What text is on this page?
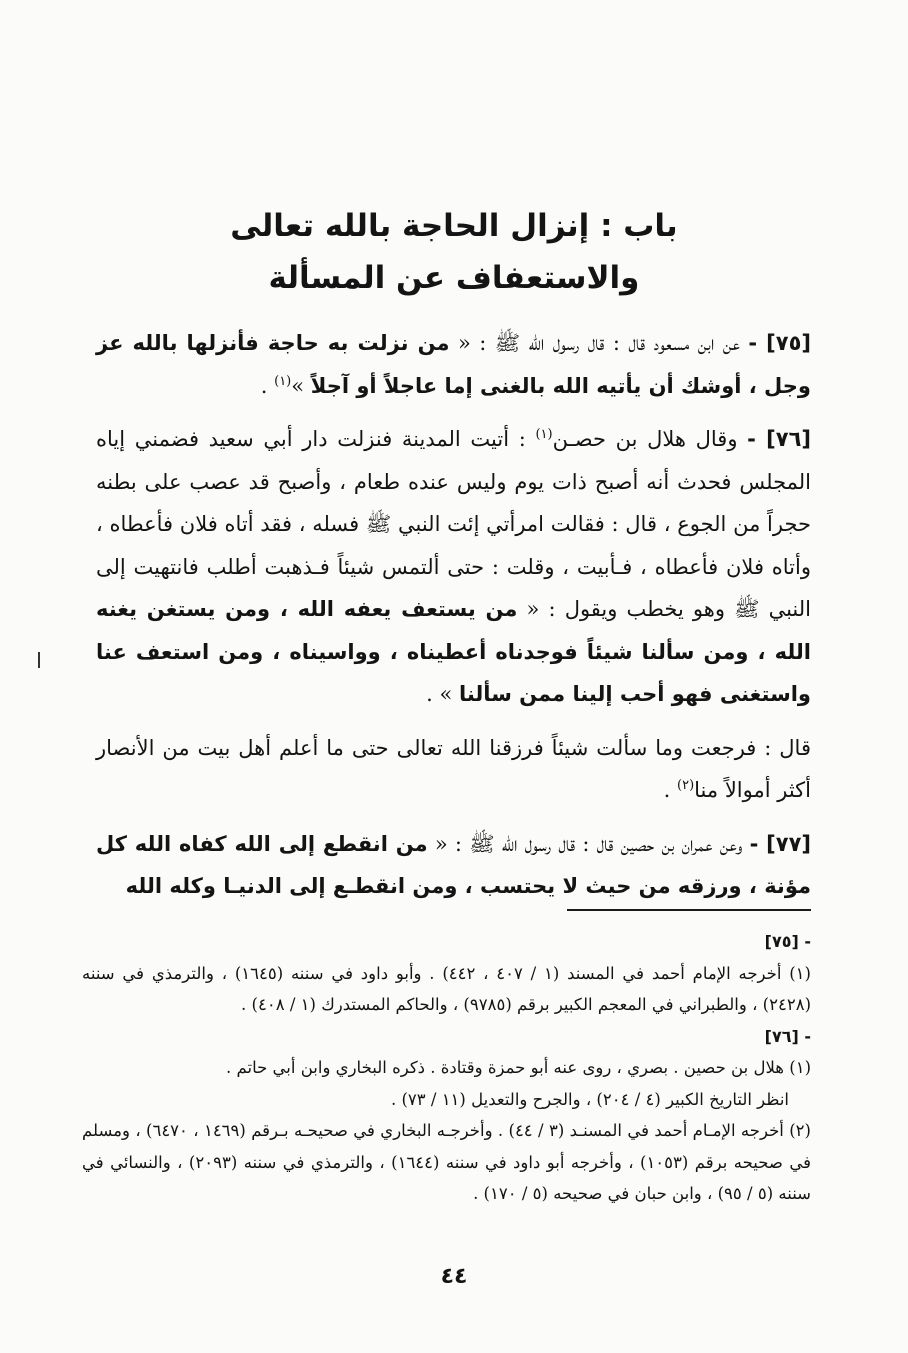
باب : إنزال الحاجة بالله تعالى
والاستعفاف عن المسألة

[٧٥] - عن ابن مسعود قال : قال رسول الله ﷺ : « من نزلت به حاجة فأنزلها بالله عز وجل ، أوشك أن يأتيه الله بالغنى إما عاجلاً أو آجلاً »$^{(١)}$ .

[٧٦] - وقال هلال بن حصـن$^{(١)}$ : أتيت المدينة فنزلت دار أبي سعيد فضمني إياه المجلس فحدث أنه أصبح ذات يوم وليس عنده طعام ، وأصبح قد عصب على بطنه حجراً من الجوع ، قال : فقالت امرأتي إئت النبي ﷺ فسله ، فقد أتاه فلان فأعطاه ، وأتاه فلان فأعطاه ، فـأبيت ، وقلت : حتى ألتمس شيئاً فـذهبت أطلب فانتهيت إلى النبي ﷺ وهو يخطب ويقول : « من يستعف يعفه الله ، ومن يستغن يغنه الله ، ومن سألنا شيئاً فوجدناه أعطيناه ، وواسيناه ، ومن استعف عنا واستغنى فهو أحب إلينا ممن سألنا » .

قال : فرجعت وما سألت شيئاً فرزقنا الله تعالى حتى ما أعلم أهل بيت من الأنصار أكثر أموالاً منا$^{(٢)}$ .

[٧٧] - وعن عمران بن حصين قال : قال رسول الله ﷺ : « من انقطع إلى الله كفاه الله كل مؤنة ، ورزقه من حيث لا يحتسب ، ومن انقطـع إلى الدنيـا وكله الله

- [٧٥]

(١) أخرجه الإمام أحمد في المسند (١ / ٤٠٧ ، ٤٤٢) . وأبو داود في سننه (١٦٤٥) ، والترمذي في سننه (٢٤٢٨) ، والطبراني في المعجم الكبير برقم (٩٧٨٥) ، والحاكم المستدرك (١ / ٤٠٨) .

- [٧٦]

(١) هلال بن حصين . بصري ، روى عنه أبو حمزة وقتادة . ذكره البخاري وابن أبي حاتم .

انظر التاريخ الكبير (٤ / ٢٠٤) ، والجرح والتعديل (١١ / ٧٣) .

(٢) أخرجه الإمـام أحمد في المسنـد (٣ / ٤٤) . وأخرجـه البخاري في صحيحـه بـرقم (١٤٦٩ ، ٦٤٧٠) ، ومسلم في صحيحه برقم (١٠٥٣) ، وأخرجه أبو داود في سننه (١٦٤٤) ، والترمذي في سننه (٢٠٩٣) ، والنسائي في سننه (٥ / ٩٥) ، وابن حبان في صحيحه (٥ / ١٧٠) .

٤٤
